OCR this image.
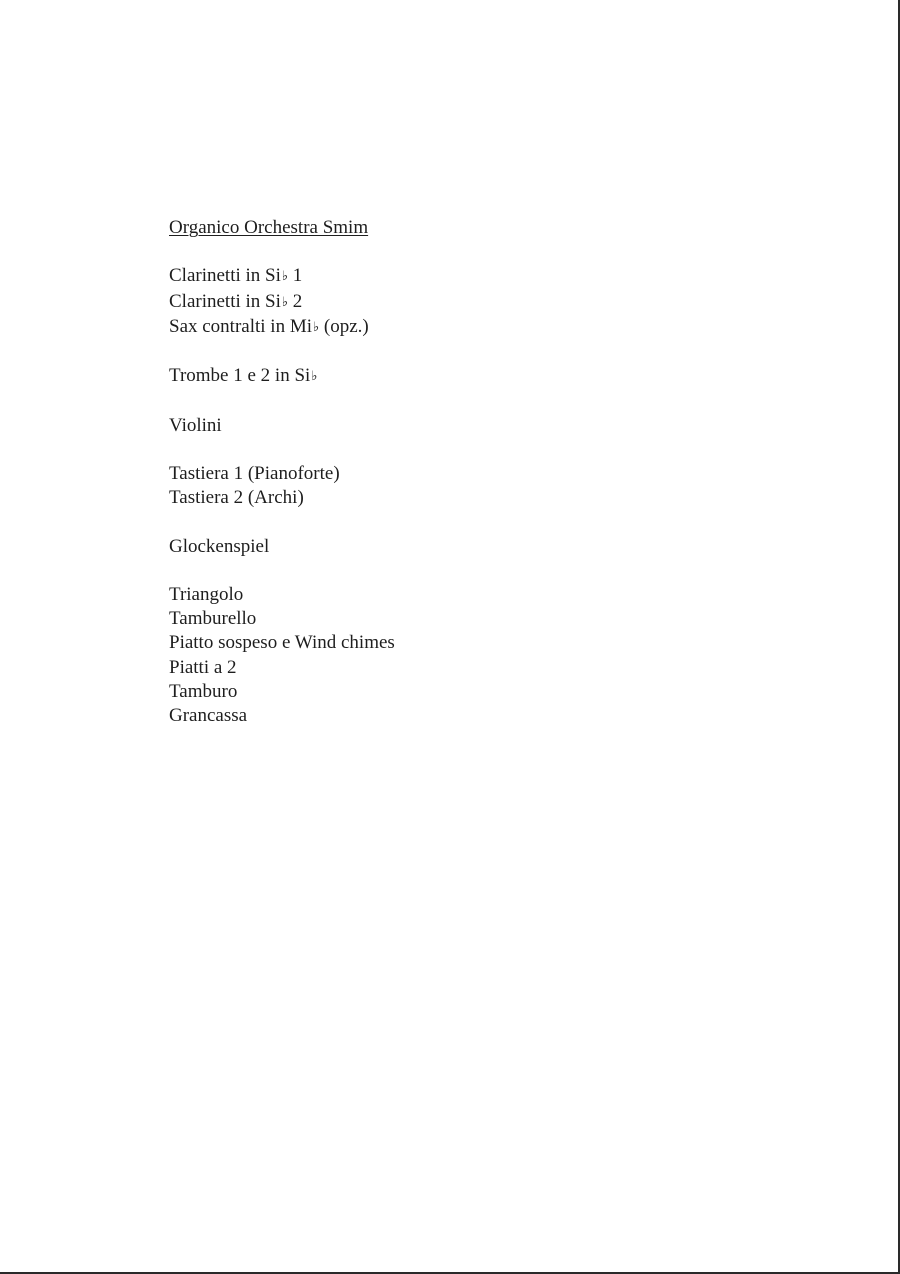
Organico Orchestra Smim
Clarinetti in Si♭ 1
Clarinetti in Si♭ 2
Sax contralti in Mi♭ (opz.)
Trombe 1 e 2 in Si♭
Violini
Tastiera 1 (Pianoforte)
Tastiera 2 (Archi)
Glockenspiel
Triangolo
Tamburello
Piatto sospeso e Wind chimes
Piatti a 2
Tamburo
Grancassa
